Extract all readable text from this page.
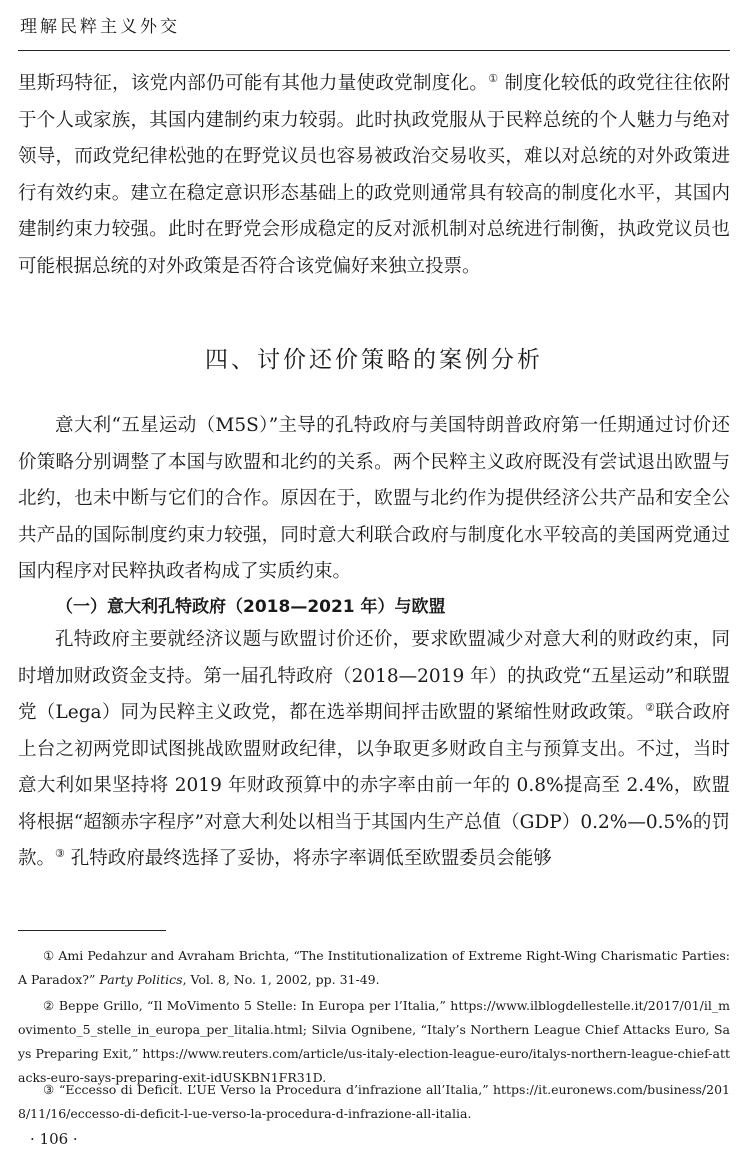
理解民粹主义外交

里斯玛特征，该党内部仍可能有其他力量使政党制度化。① 制度化较低的政党往往依附于个人或家族，其国内建制约束力较弱。此时执政党服从于民粹总统的个人魅力与绝对领导，而政党纪律松弛的在野党议员也容易被政治交易收买，难以对总统的对外政策进行有效约束。建立在稳定意识形态基础上的政党则通常具有较高的制度化水平，其国内建制约束力较强。此时在野党会形成稳定的反对派机制对总统进行制衡，执政党议员也可能根据总统的对外政策是否符合该党偏好来独立投票。

四、讨价还价策略的案例分析

意大利“五星运动（M5S）”主导的孔特政府与美国特朗普政府第一任期通过讨价还价策略分别调整了本国与欧盟和北约的关系。两个民粹主义政府既没有尝试退出欧盟与北约，也未中断与它们的合作。原因在于，欧盟与北约作为提供经济公共产品和安全公共产品的国际制度约束力较强，同时意大利联合政府与制度化水平较高的美国两党通过国内程序对民粹执政者构成了实质约束。

（一）意大利孔特政府（2018—2021 年）与欧盟

孔特政府主要就经济议题与欧盟讨价还价，要求欧盟减少对意大利的财政约束，同时增加财政资金支持。第一届孔特政府（2018—2019 年）的执政党“五星运动”和联盟党（Lega）同为民粹主义政党，都在选举期间抨击欧盟的紧缩性财政政策。②联合政府上台之初两党即试图挑战欧盟财政纪律，以争取更多财政自主与预算支出。不过，当时意大利如果坚持将 2019 年财政预算中的赤字率由前一年的 0.8%提高至 2.4%，欧盟将根据“超额赤字程序”对意大利处以相当于其国内生产总值（GDP）0.2%—0.5%的罚款。③ 孔特政府最终选择了妥协，将赤字率调低至欧盟委员会能够

① Ami Pedahzur and Avraham Brichta, “The Institutionalization of Extreme Right-Wing Charismatic Parties: A Paradox?” Party Politics, Vol. 8, No. 1, 2002, pp. 31-49.

② Beppe Grillo, “Il MoVimento 5 Stelle: In Europa per l’Italia,” https://www.ilblogdellestelle.it/2017/01/il_movimento_5_stelle_in_europa_per_litalia.html; Silvia Ognibene, “Italy’s Northern League Chief Attacks Euro, Says Preparing Exit,” https://www.reuters.com/article/us-italy-election-league-euro/italys-northern-league-chief-attacks-euro-says-preparing-exit-idUSKBN1FR31D.

③ “Eccesso di Deficit. L’UE Verso la Procedura d’infrazione all’Italia,” https://it.euronews.com/business/2018/11/16/eccesso-di-deficit-l-ue-verso-la-procedura-d-infrazione-all-italia.

· 106 ·
